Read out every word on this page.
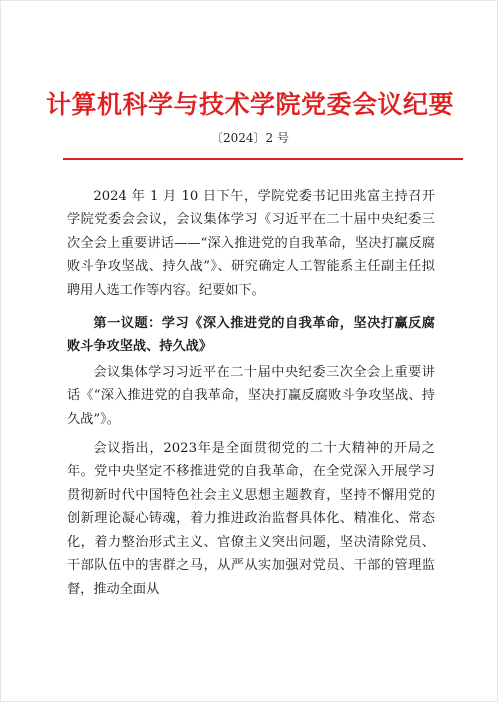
计算机科学与技术学院党委会议纪要
〔2024〕2 号

2024 年 1 月 10 日下午，学院党委书记田兆富主持召开学院党委会会议，会议集体学习《习近平在二十届中央纪委三次全会上重要讲话——“深入推进党的自我革命，坚决打赢反腐败斗争攻坚战、持久战”》、研究确定人工智能系主任副主任拟聘用人选工作等内容。纪要如下。

第一议题：学习《深入推进党的自我革命，坚决打赢反腐败斗争攻坚战、持久战》

会议集体学习习近平在二十届中央纪委三次全会上重要讲话《“深入推进党的自我革命，坚决打赢反腐败斗争攻坚战、持久战”》。

会议指出，2023年是全面贯彻党的二十大精神的开局之年。党中央坚定不移推进党的自我革命，在全党深入开展学习贯彻新时代中国特色社会主义思想主题教育，坚持不懈用党的创新理论凝心铸魂，着力推进政治监督具体化、精准化、常态化，着力整治形式主义、官僚主义突出问题，坚决清除党员、干部队伍中的害群之马，从严从实加强对党员、干部的管理监督，推动全面从
